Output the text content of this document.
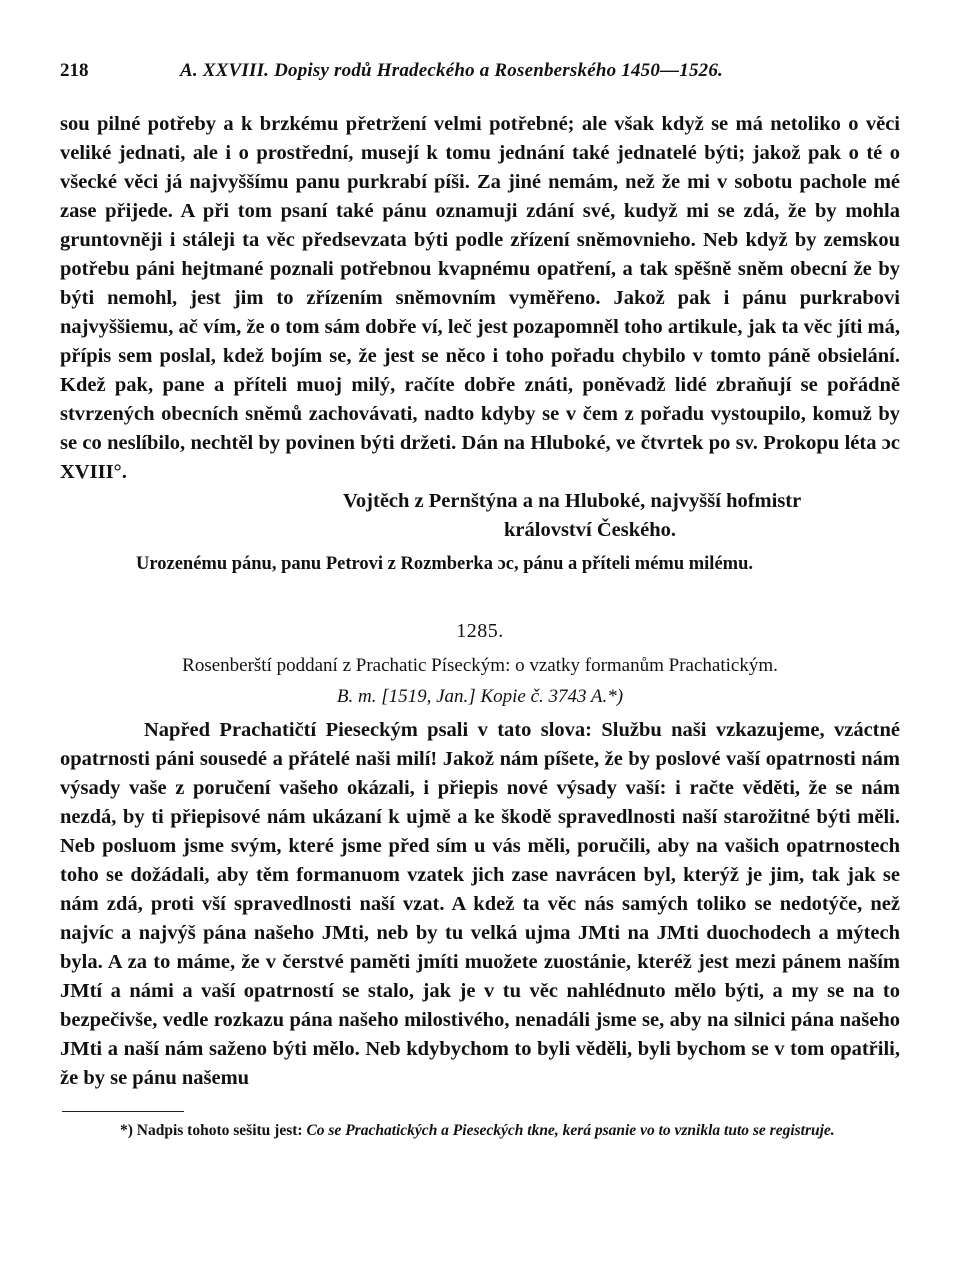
218	A. XXVIII. Dopisy rodů Hradeckého a Rosenberského 1450—1526.

sou pilné potřeby a k brzkému přetržení velmi potřebné; ale však když se má netoliko o věci veliké jednati, ale i o prostřední, musejí k tomu jednání také jednatelé býti; jakož pak o té o všecké věci já najvyššímu panu purkrabí píši. Za jiné nemám, než že mi v sobotu pachole mé zase přijede. A při tom psaní také pánu oznamuji zdání své, kudyž mi se zdá, že by mohla gruntovněji i stáleji ta věc předsevzata býti podle zřízení sněmovnieho. Neb když by zemskou potřebu páni hejtmané poznali potřebnou kvapnému opatření, a tak spěšně sněm obecní že by býti nemohl, jest jim to zřízením sněmovním vyměřeno. Jakož pak i pánu purkrabovi najvyššiemu, ač vím, že o tom sám dobře ví, leč jest pozapomněl toho artikule, jak ta věc jíti má, přípis sem poslal, kdež bojím se, že jest se něco i toho pořadu chybilo v tomto páně obsielání. Kdež pak, pane a příteli muoj milý, račíte dobře znáti, poněvadž lidé zbraňují se pořádně stvrzených obecních sněmů zachovávati, nadto kdyby se v čem z pořadu vystoupilo, komuž by se co neslíbilo, nechtěl by povinen býti držeti. Dán na Hluboké, ve čtvrtek po sv. Prokopu léta ɔc XVIII°.

Vojtěch z Pernštýna a na Hluboké, najvyšší hofmistr
království Českého.
Urozenému pánu, panu Petrovi z Rozmberka ɔc, pánu a příteli mému milému.
1285.
Rosenberští poddaní z Prachatic Píseckým: o vzatky formanům Prachatickým.
B. m. [1519, Jan.] Kopie č. 3743 A.*)

Napřed Prachatičtí Pieseckým psali v tato slova: Službu naši vzkazujeme, vzáctné opatrnosti páni sousedé a přátelé naši milí! Jakož nám píšete, že by poslové vaší opatrnosti nám výsady vaše z poručení vašeho okázali, i přiepis nové výsady vaší: i račte věděti, že se nám nezdá, by ti přiepisové nám ukázaní k ujmě a ke škodě spravedlnosti naší starožitné býti měli. Neb posluom jsme svým, které jsme před sím u vás měli, poručili, aby na vašich opatrnostech toho se dožádali, aby těm formanuom vzatek jich zase navrácen byl, kterýž je jim, tak jak se nám zdá, proti vší spravedlnosti naší vzat. A kdež ta věc nás samých toliko se nedotýče, než najvíc a najvýš pána našeho JMti, neb by tu velká ujma JMti na JMti duochodech a mýtech byla. A za to máme, že v čerstvé paměti jmíti muožete zuostánie, kteréž jest mezi pánem naším JMtí a námi a vaší opatrností se stalo, jak je v tu věc nahlédnuto mělo býti, a my se na to bezpečivše, vedle rozkazu pána našeho milostivého, nenadáli jsme se, aby na silnici pána našeho JMti a naší nám saženo býti mělo. Neb kdybychom to byli věděli, byli bychom se v tom opatřili, že by se pánu našemu

*) Nadpis tohoto sešitu jest: Co se Prachatických a Pieseckých tkne, kerá psanie vo to vznikla tuto se registruje.
